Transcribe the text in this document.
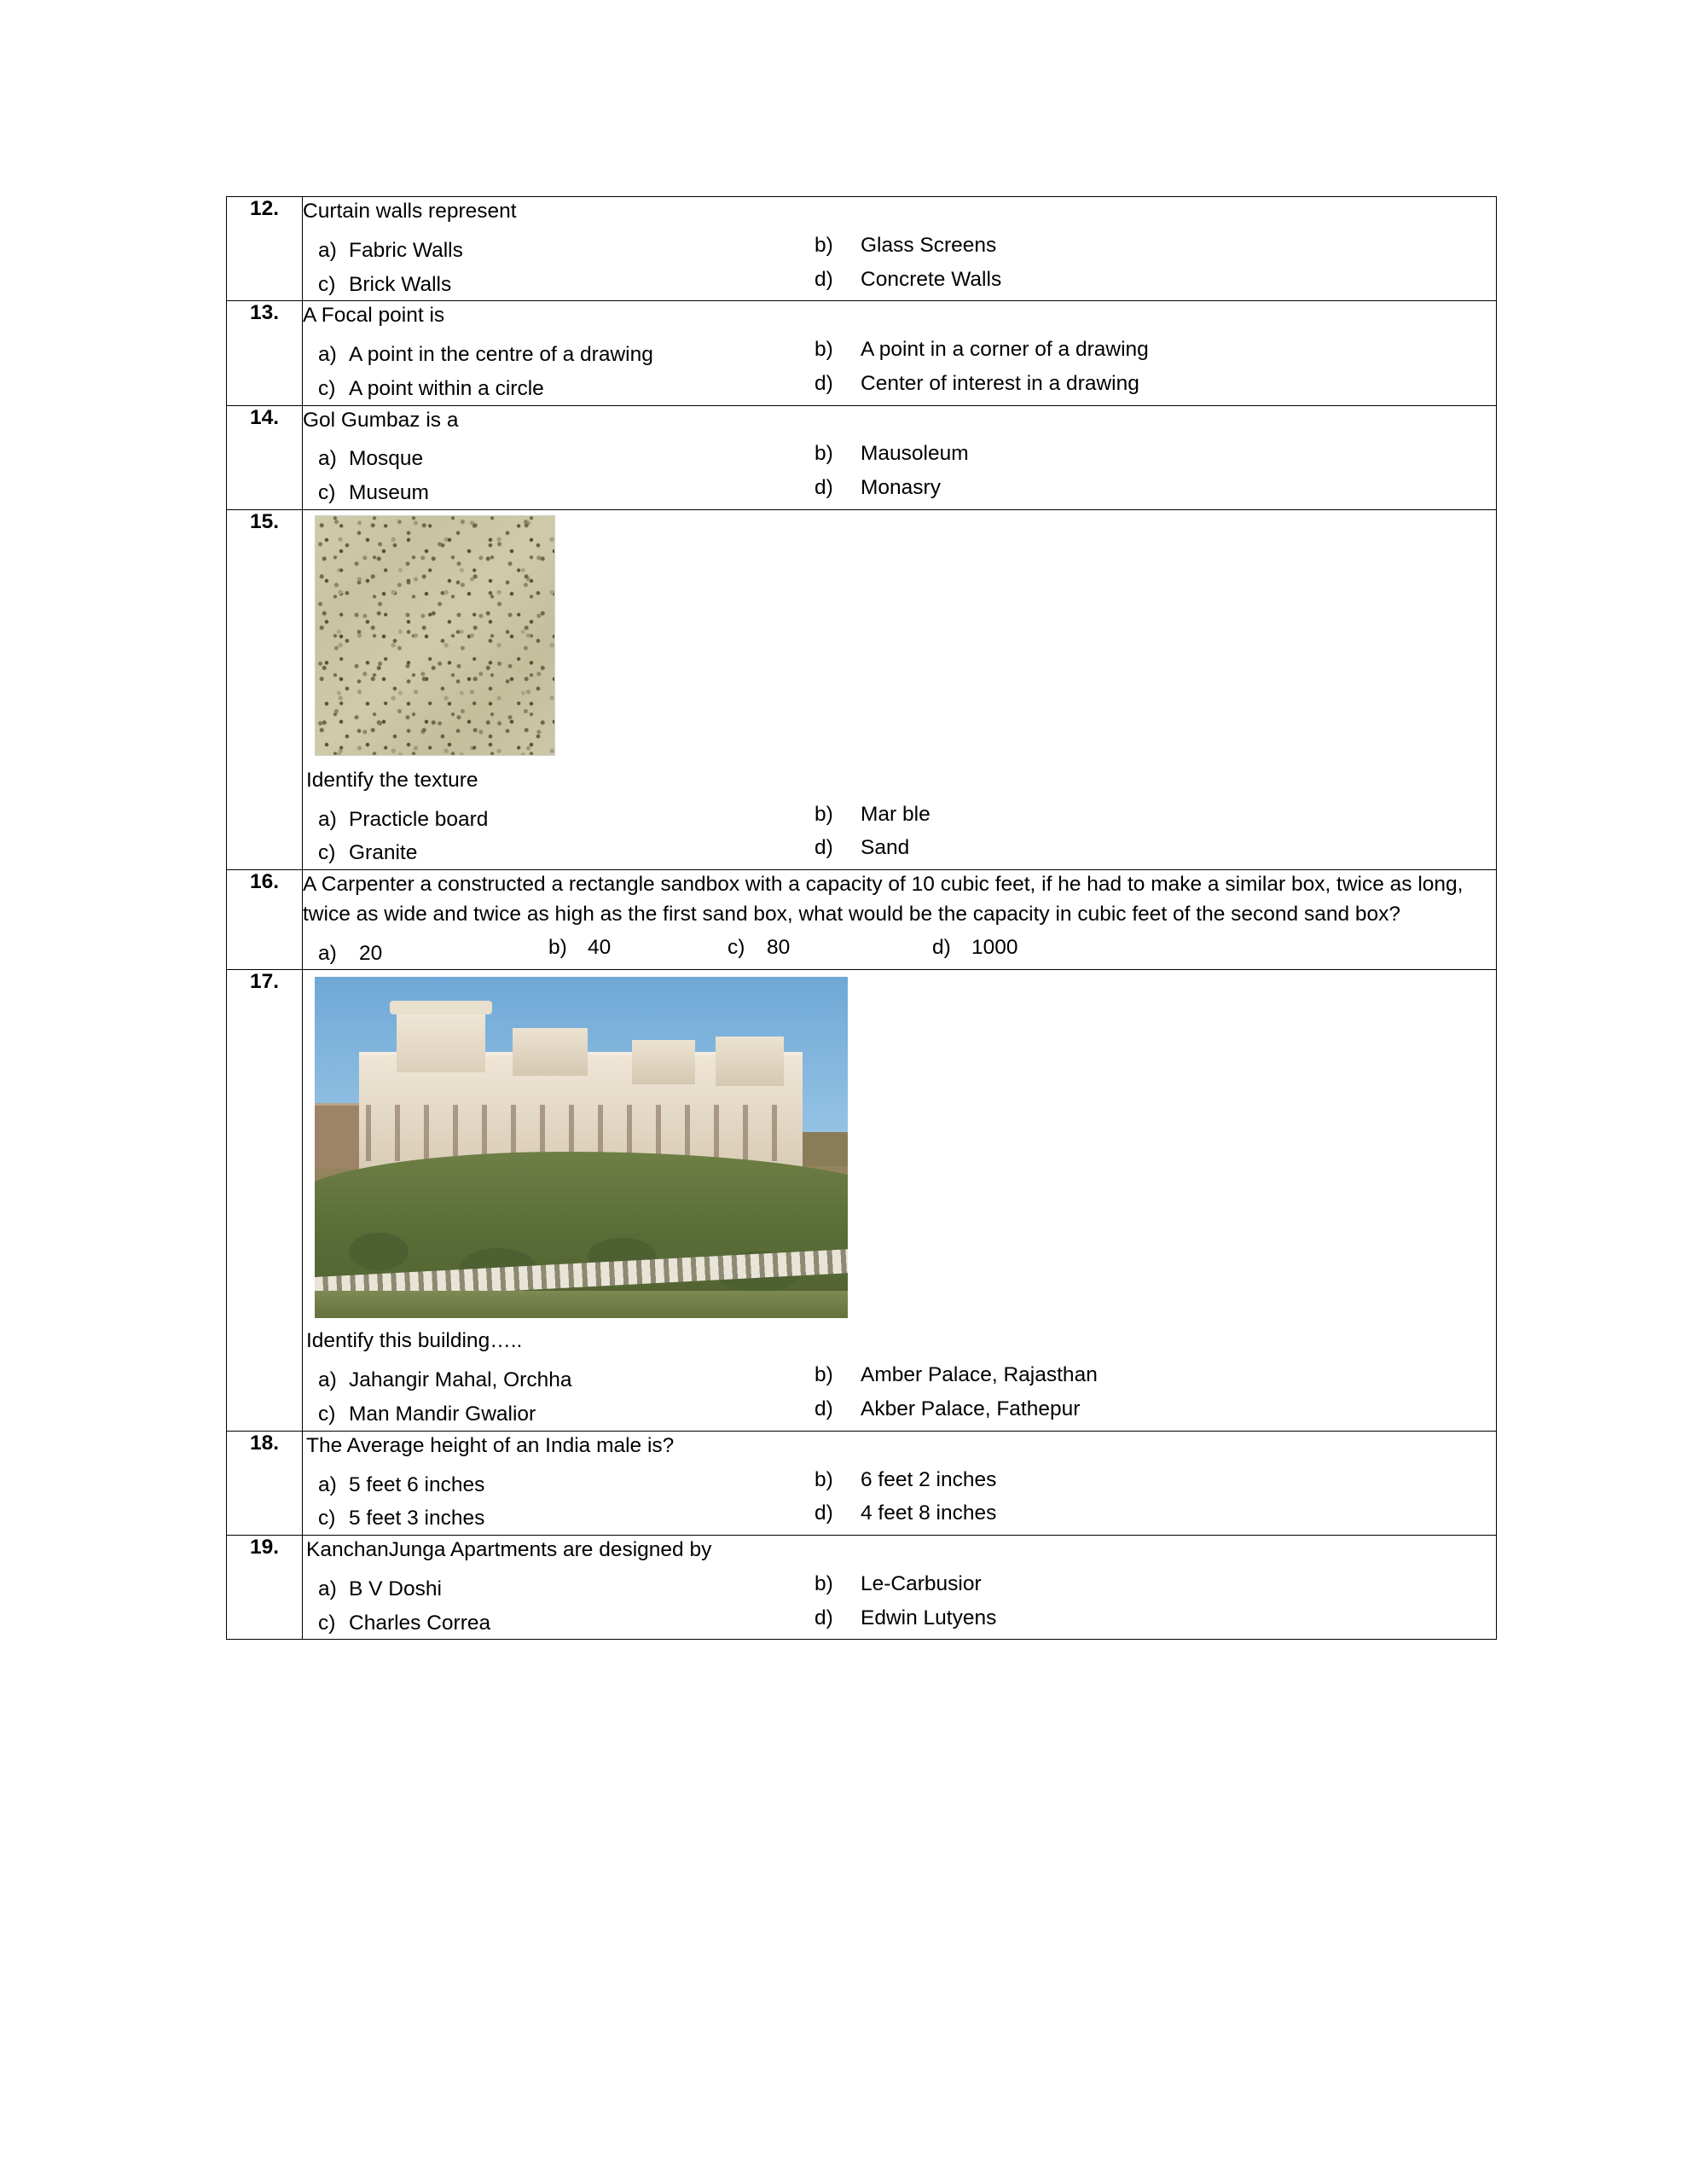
12.	Curtain walls represent

a) Fabric Walls	b)	Glass Screens
c) Brick Walls	d)	Concrete Walls

13.	A Focal point is

a) A point in the centre of a drawing	b)	A point in a corner of a drawing
c) A point within a circle	d)	Center of interest in a drawing

14.	Gol Gumbaz is a

a) Mosque	b)	Mausoleum
c) Museum	d)	Monasry

15.	

Identify the texture

a) Practicle board	b)	Mar ble
c) Granite	d)	Sand

16.	A Carpenter a constructed a rectangle sandbox with a capacity of 10 cubic feet, if he had to make a similar box, twice as long, twice as wide and twice as high as the first sand box, what would be the capacity in cubic feet of the second sand box?

a)	20	b) 40	c)	80	d) 1000

17.	

Identify this building…..

a) Jahangir Mahal, Orchha	b)	Amber Palace, Rajasthan
c) Man Mandir Gwalior	d)	Akber Palace, Fathepur

18.	The Average height of an India male is?

a) 5 feet 6 inches	b)	6 feet 2 inches
c) 5 feet 3 inches	d)	4 feet 8 inches

19.	KanchanJunga Apartments are designed by

a) B V Doshi	b)	Le-Carbusior
c) Charles Correa	d)	Edwin Lutyens
